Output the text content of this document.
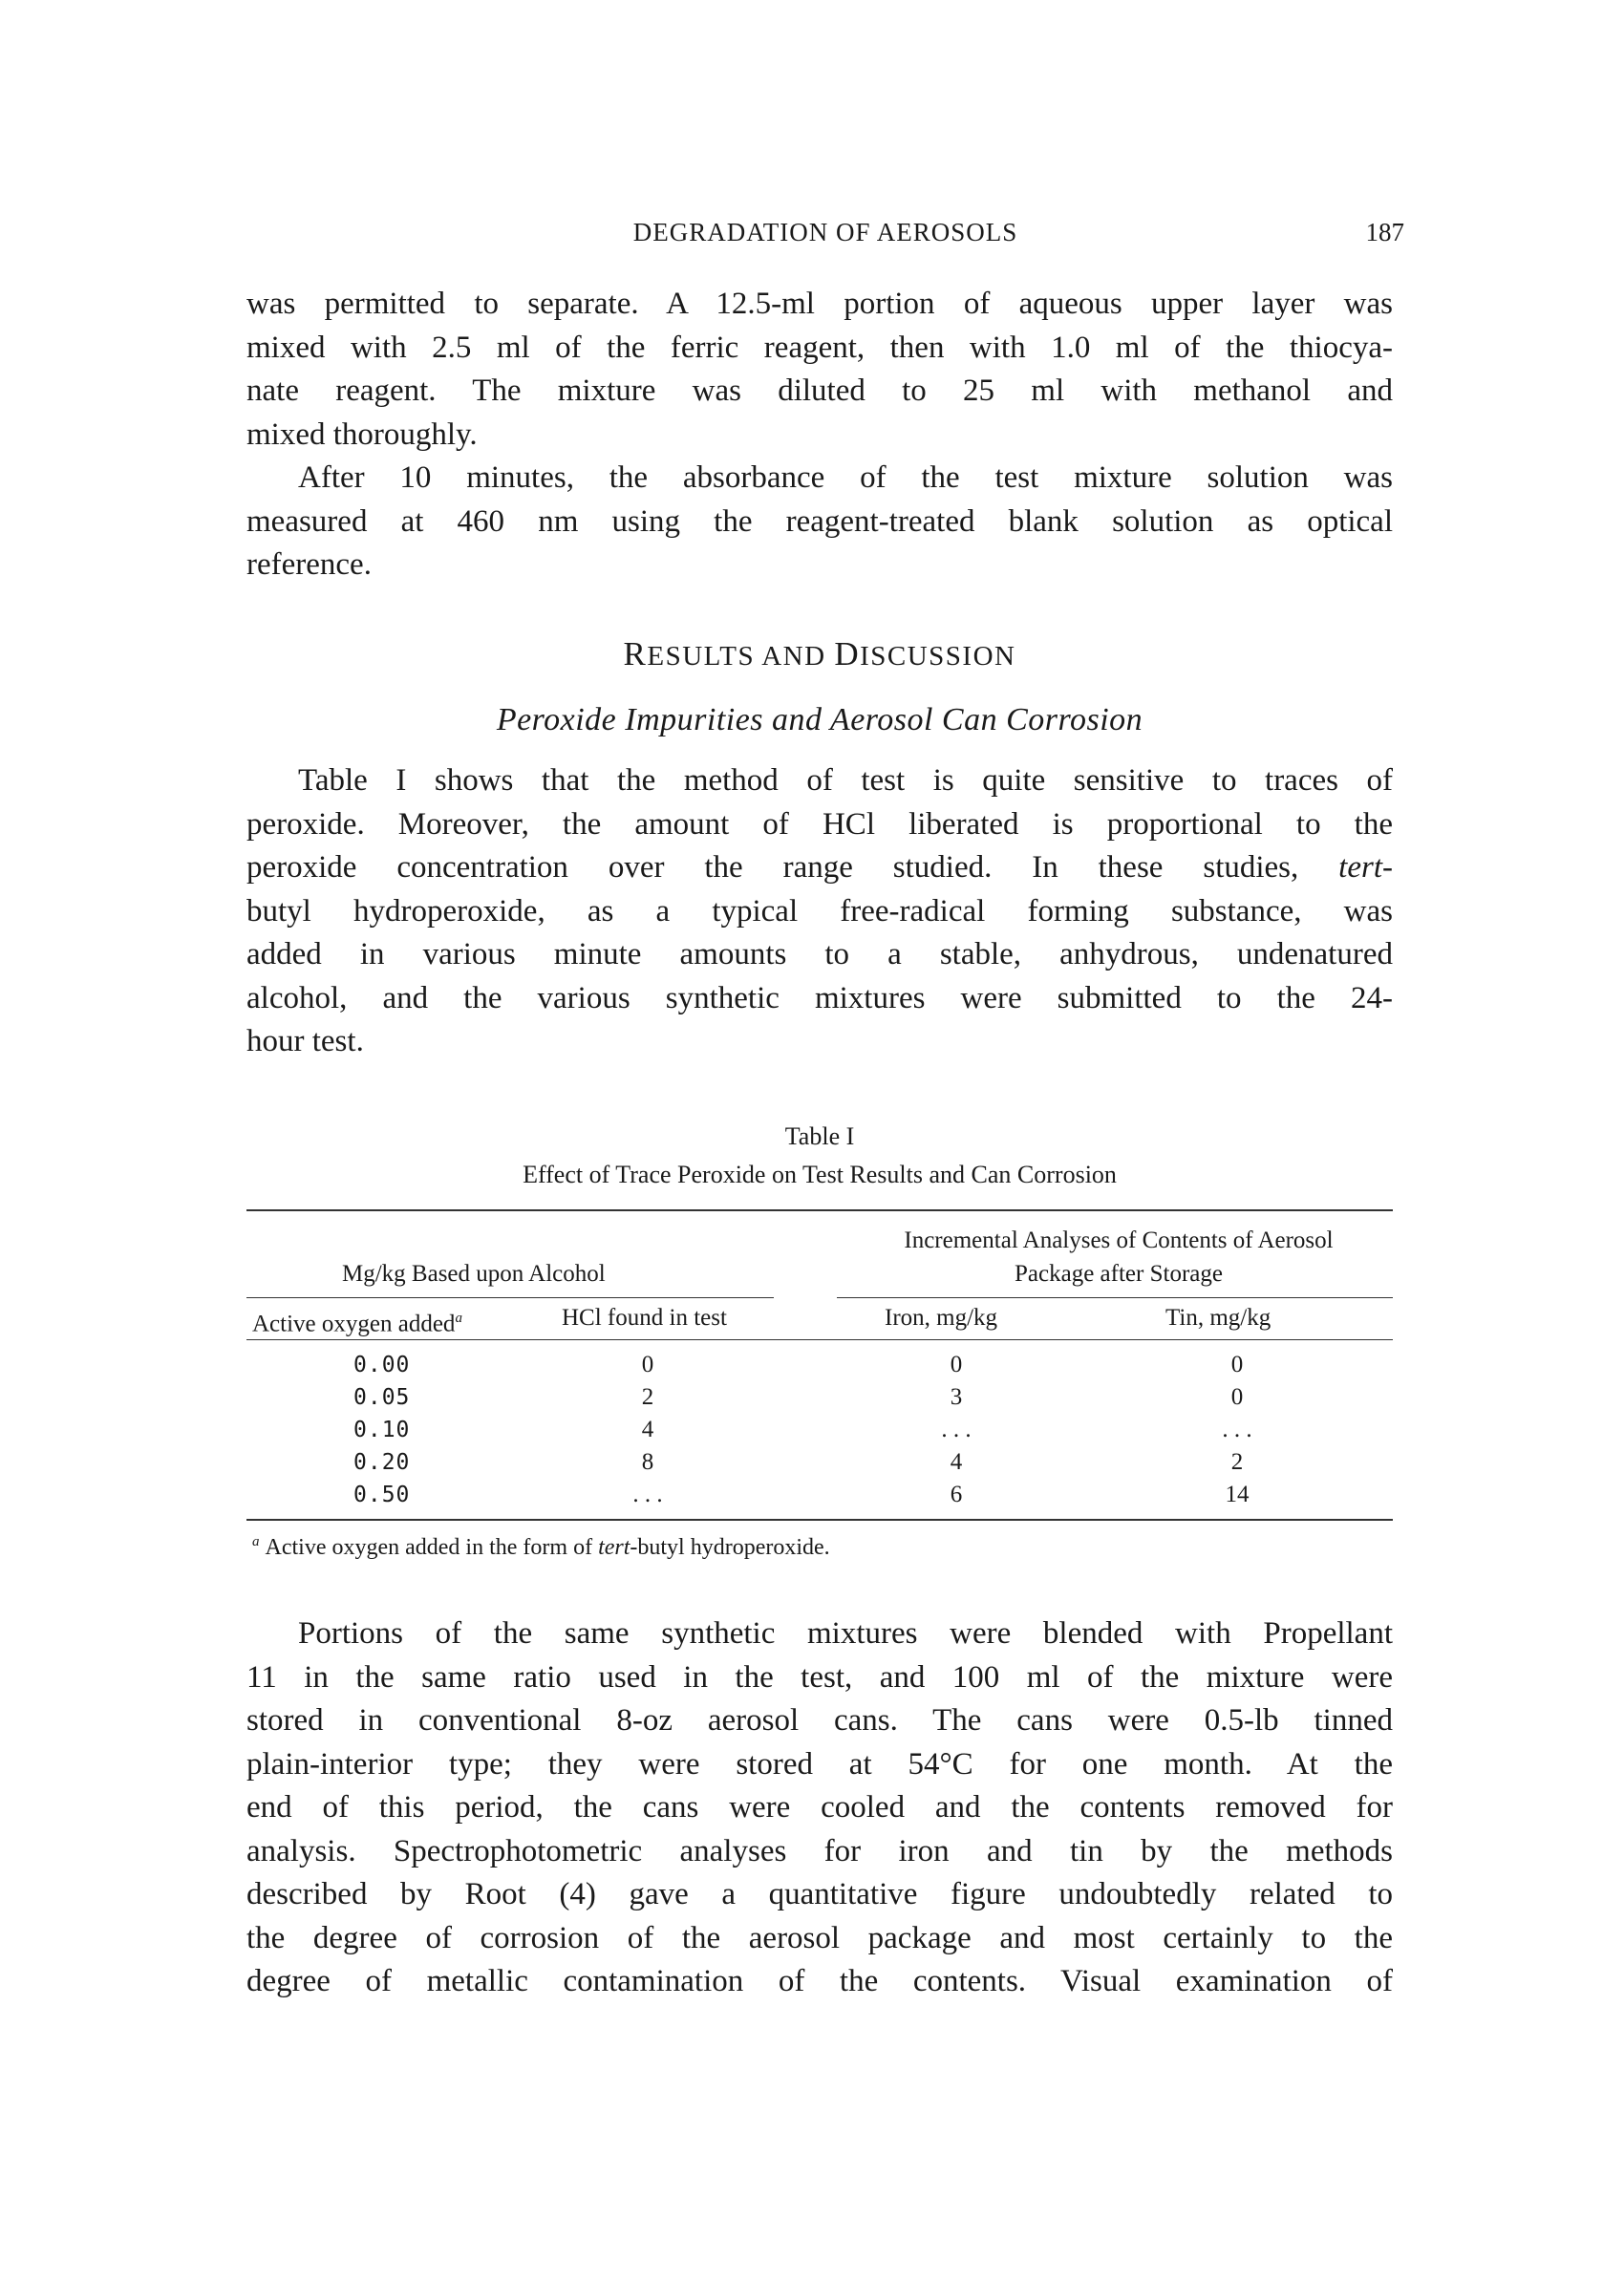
DEGRADATION OF AEROSOLS	187
was permitted to separate. A 12.5-ml portion of aqueous upper layer was
mixed with 2.5 ml of the ferric reagent, then with 1.0 ml of the thiocya-
nate reagent. The mixture was diluted to 25 ml with methanol and
mixed thoroughly.
After 10 minutes, the absorbance of the test mixture solution was
measured at 460 nm using the reagent-treated blank solution as optical
reference.
RESULTS AND DISCUSSION
Peroxide Impurities and Aerosol Can Corrosion
Table I shows that the method of test is quite sensitive to traces of
peroxide. Moreover, the amount of HCl liberated is proportional to the
peroxide concentration over the range studied. In these studies, tert-
butyl hydroperoxide, as a typical free-radical forming substance, was
added in various minute amounts to a stable, anhydrous, undenatured
alcohol, and the various synthetic mixtures were submitted to the 24-
hour test.
Table I
Effect of Trace Peroxide on Test Results and Can Corrosion
Mg/kg Based upon Alcohol
Incremental Analyses of Contents of Aerosol
Package after Storage
Active oxygen added$^a$	HCl found in test	Iron, mg/kg	Tin, mg/kg
0.00	0	0	0
0.05	2	3	0
0.10	4	. . .	. . .
0.20	8	4	2
0.50	. . .	6	14
$^a$ Active oxygen added in the form of tert-butyl hydroperoxide.
Portions of the same synthetic mixtures were blended with Propellant
11 in the same ratio used in the test, and 100 ml of the mixture were
stored in conventional 8-oz aerosol cans. The cans were 0.5-lb tinned
plain-interior type; they were stored at 54°C for one month. At the
end of this period, the cans were cooled and the contents removed for
analysis. Spectrophotometric analyses for iron and tin by the methods
described by Root (4) gave a quantitative figure undoubtedly related to
the degree of corrosion of the aerosol package and most certainly to the
degree of metallic contamination of the contents. Visual examination of
